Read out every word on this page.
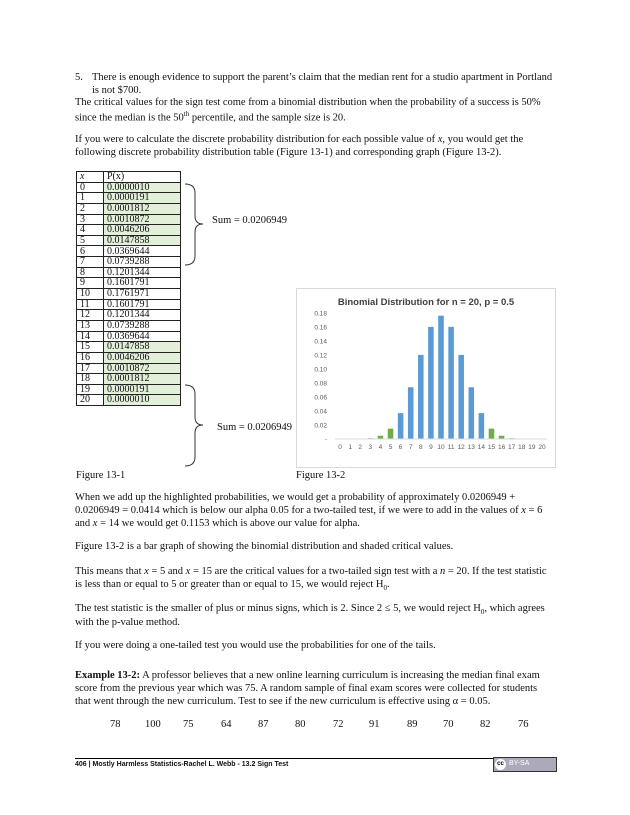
5. There is enough evidence to support the parent’s claim that the median rent for a studio apartment in Portland is not $700.

The critical values for the sign test come from a binomial distribution when the probability of a success is 50% since the median is the 50th percentile, and the sample size is 20.

If you were to calculate the discrete probability distribution for each possible value of x, you would get the following discrete probability distribution table (Figure 13-1) and corresponding graph (Figure 13-2).

x	P(x)
0	0.0000010
1	0.0000191
2	0.0001812
3	0.0010872
4	0.0046206
5	0.0147858
6	0.0369644
7	0.0739288
8	0.1201344
9	0.1601791
10	0.1761971
11	0.1601791
12	0.1201344
13	0.0739288
14	0.0369644
15	0.0147858
16	0.0046206
17	0.0010872
18	0.0001812
19	0.0000191
20	0.0000010
Sum = 0.0206949
Sum = 0.0206949
Figure 13-1
Binomial Distribution for n = 20, p = 0.5
-
0.02
0.04
0.06
0.08
0.10
0.12
0.14
0.16
0.18
0 1 2 3 4 5 6 7 8 9 10 11 12 13 14 15 16 17 18 19 20
Figure 13-2

When we add up the highlighted probabilities, we would get a probability of approximately 0.0206949 + 0.0206949 = 0.0414 which is below our alpha 0.05 for a two-tailed test, if we were to add in the values of x = 6 and x = 14 we would get 0.1153 which is above our value for alpha.

Figure 13-2 is a bar graph of showing the binomial distribution and shaded critical values.

This means that x = 5 and x = 15 are the critical values for a two-tailed sign test with a n = 20. If the test statistic is less than or equal to 5 or greater than or equal to 15, we would reject $H_0$.

The test statistic is the smaller of plus or minus signs, which is 2. Since 2 ≤ 5, we would reject $H_0$, which agrees with the p-value method.

If you were doing a one-tailed test you would use the probabilities for one of the tails.

Example 13-2: A professor believes that a new online learning curriculum is increasing the median final exam score from the previous year which was 75. A random sample of final exam scores were collected for students that went through the new curriculum. Test to see if the new curriculum is effective using α = 0.05.

78 100 75	64	87	80	72 91	89 70	82	76
406 | Mostly Harmless Statistics-Rachel L. Webb - 13.2 Sign Test	cc BY-SA
